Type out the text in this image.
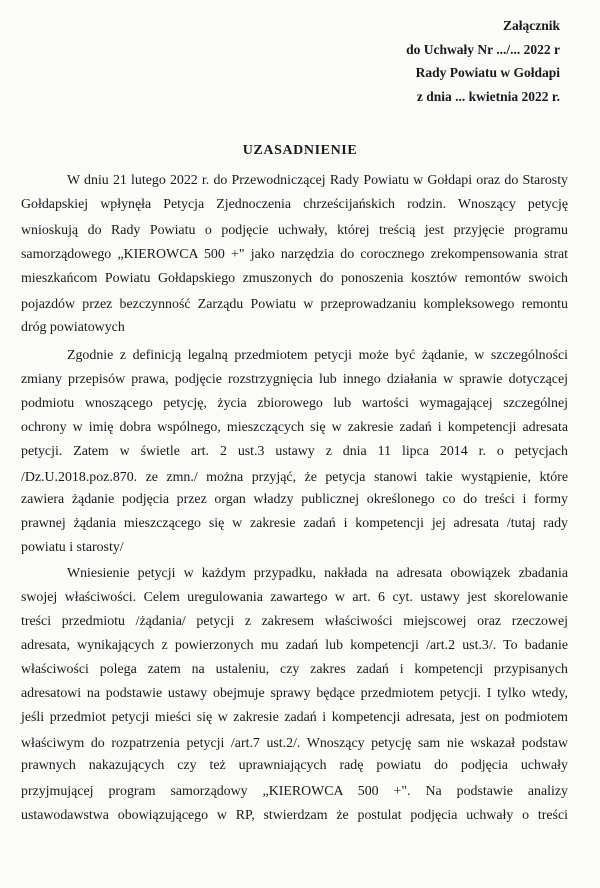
Załącznik
do Uchwały Nr .../... 2022 r
Rady Powiatu w Gołdapi
z dnia ... kwietnia 2022 r.
UZASADNIENIE
W dniu 21 lutego 2022 r. do Przewodniczącej Rady Powiatu w Gołdapi oraz do Starosty
Gołdapskiej wpłynęła Petycja Zjednoczenia chrześcijańskich rodzin. Wnoszący petycję
wnioskują do Rady Powiatu o podjęcie uchwały, której treścią jest przyjęcie programu
samorządowego „KIEROWCA 500 +" jako narzędzia do corocznego zrekompensowania strat
mieszkańcom Powiatu Gołdapskiego zmuszonych do ponoszenia kosztów remontów swoich
pojazdów przez bezczynność Zarządu Powiatu w przeprowadzaniu kompleksowego remontu
dróg powiatowych
Zgodnie z definicją legalną przedmiotem petycji może być żądanie, w szczególności
zmiany przepisów prawa, podjęcie rozstrzygnięcia lub innego działania w sprawie dotyczącej
podmiotu wnoszącego petycję, życia zbiorowego lub wartości wymagającej szczególnej
ochrony w imię dobra wspólnego, mieszczących się w zakresie zadań i kompetencji adresata
petycji. Zatem w świetle art. 2 ust.3 ustawy z dnia 11 lipca 2014 r. o petycjach
/Dz.U.2018.poz.870. ze zmn./ można przyjąć, że petycja stanowi takie wystąpienie, które
zawiera żądanie podjęcia przez organ władzy publicznej określonego co do treści i formy
prawnej żądania mieszczącego się w zakresie zadań i kompetencji jej adresata /tutaj rady
powiatu i starosty/
Wniesienie petycji w każdym przypadku, nakłada na adresata obowiązek zbadania
swojej właściwości. Celem uregulowania zawartego w art. 6 cyt. ustawy jest skorelowanie
treści przedmiotu /żądania/ petycji z zakresem właściwości miejscowej oraz rzeczowej
adresata, wynikających z powierzonych mu zadań lub kompetencji /art.2 ust.3/. To badanie
właściwości polega zatem na ustaleniu, czy zakres zadań i kompetencji przypisanych
adresatowi na podstawie ustawy obejmuje sprawy będące przedmiotem petycji. I tylko wtedy,
jeśli przedmiot petycji mieści się w zakresie zadań i kompetencji adresata, jest on podmiotem
właściwym do rozpatrzenia petycji /art.7 ust.2/. Wnoszący petycję sam nie wskazał podstaw
prawnych nakazujących czy też uprawniających radę powiatu do podjęcia uchwały
przyjmującej program samorządowy „KIEROWCA 500 +". Na podstawie analizy
ustawodawstwa obowiązującego w RP, stwierdzam że postulat podjęcia uchwały o treści
